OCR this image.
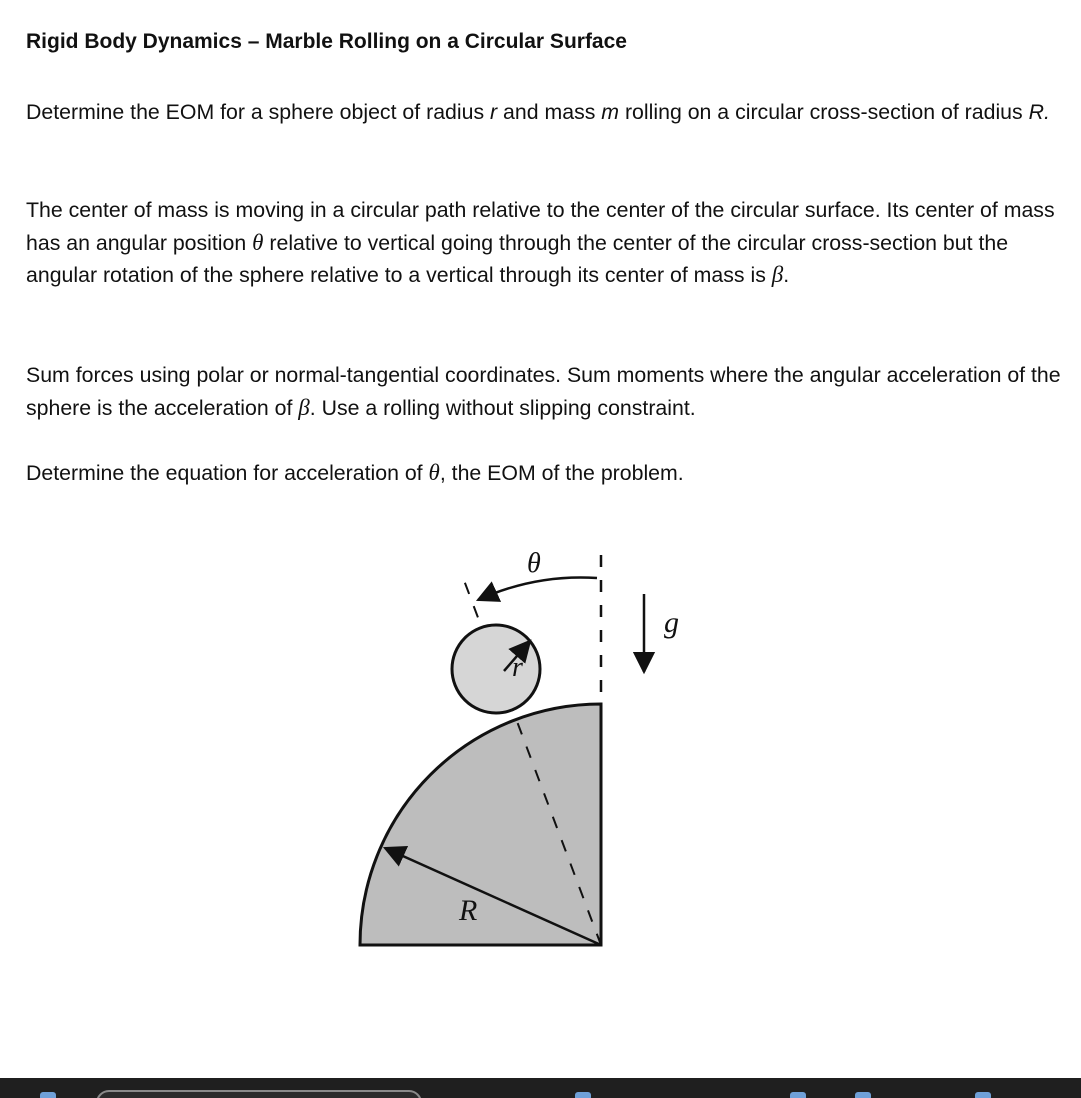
Rigid Body Dynamics – Marble Rolling on a Circular Surface

Determine the EOM for a sphere object of radius r and mass m rolling on a circular cross-section of radius R.

The center of mass is moving in a circular path relative to the center of the circular surface. Its center of mass has an angular position θ relative to vertical going through the center of the circular cross-section but the angular rotation of the sphere relative to a vertical through its center of mass is β.

Sum forces using polar or normal-tangential coordinates. Sum moments where the angular acceleration of the sphere is the acceleration of β. Use a rolling without slipping constraint.

Determine the equation for acceleration of θ, the EOM of the problem.

θ
g
r
R
